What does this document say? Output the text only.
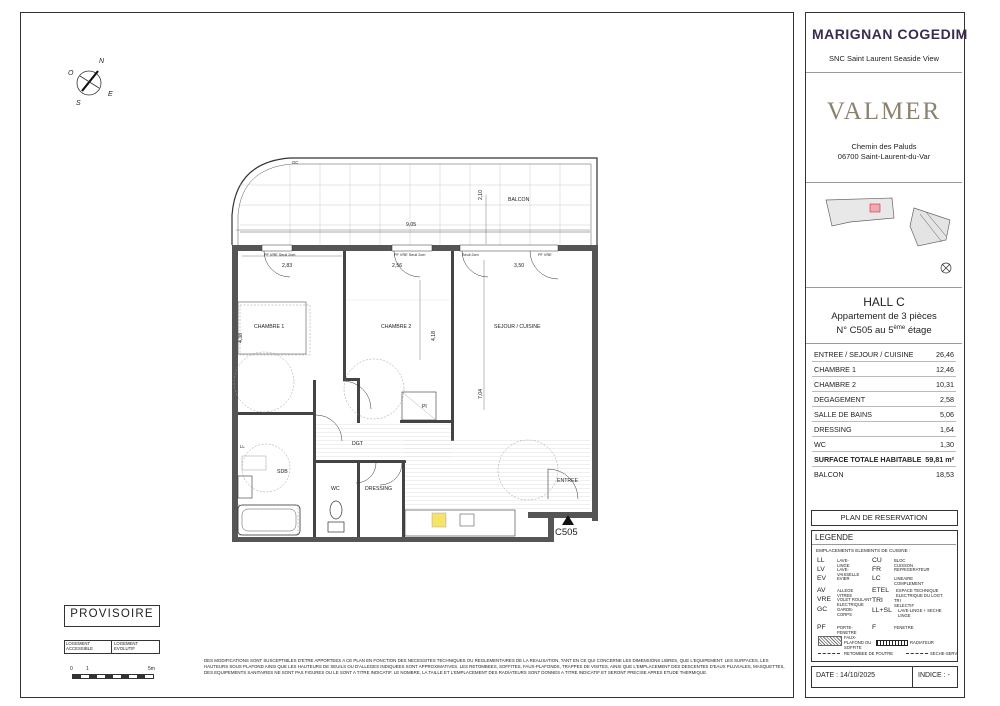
MARIGNAN COGEDIM
SNC Saint Laurent Seaside View
VALMER
Chemin des Paluds
06700 Saint-Laurent-du-Var
HALL C
Appartement de 3 pièces
N° C505 au 5ème étage
ENTREE / SEJOUR / CUISINE	26,46
CHAMBRE 1	12,46
CHAMBRE 2	10,31
DEGAGEMENT	2,58
SALLE DE BAINS	5,06
DRESSING	1,64
WC	1,30
SURFACE TOTALE HABITABLE 59,81 m²
BALCON	18,53
PLAN DE RESERVATION
LEGENDE
EMPLACEMENTS ELEMENTS DE CUISINE :
LL	LAVE-LINGE
LV	LAVE-VAISSELLE
EV	EVIER
AV	ALLEGE VITREE
VRE VOLET ROULANT ELECTRIQUE
GC GARDE-CORPS
PF	PORTE-FENETRE
CU	BLOC CUISSON
FR	REFRIGERATEUR
LC	LINEAIRE COMPLEMENT
ETEL ESPACE TECHNIQUE ELECTRIQUE DU LOGT.
TRI	TRI SELECTIF
LL+SL LAVE-LINGE + SECHE LINGE
F	FENETRE
FAUX-PLAFOND OU SOFFITE
RADIATEUR
RETOMBEE DE POUTRE	SECHE-SERV
DATE : 14/10/2025	INDICE : -
N
O
E
S
BALCON
GC
9,05
2,10
PF VRE Seuil 2cm	PF VRE Seuil 2cm	Seuil 2cm	PF VRE
2,83	2,56	3,50
4,38	4,18
7,04
CHAMBRE 1	CHAMBRE 2	SEJOUR / CUISINE
Pl
DGT
LL
SDB
WC	DRESSING
ENTREE
C505
PROVISOIRE
LOGEMENT ACCESSIBLE
LOGEMENT EVOLUTIF
0	1	5m
DES MODIFICATIONS SONT SUSCEPTIBLES D'ETRE APPORTEES A CE PLAN EN FONCTION DES NECESSITES TECHNIQUES OU REGLEMENTAIRES DE LA REALISATION, TANT EN CE QUI CONCERNE LES DIMENSIONS LIBRES, QUE L'EQUIPEMENT. LES SURFACES, LES HAUTEURS SOUS PLAFOND AINSI QUE LES HAUTEURS DE SEUILS OU D'ALLEGES INDIQUEES SONT APPROXIMATIVES. LES RETOMBEES, SOFFITES, FAUX-PLAFONDS, TRAPPES DE VISITES, AINSI QUE L'EMPLACEMENT DES DESCENTES D'EAUX PLUVIALES, MASQUETTES, DES EQUIPEMENTS SANITAIRES NE SONT PAS FIGURES OU LE SONT A TITRE INDICATIF. LE NOMBRE, LA TAILLE ET L'EMPLACEMENT DES RADIATEURS SONT DONNES A TITRE INDICATIF ET SERONT PRECISE APRES ETUDE THERMIQUE.
